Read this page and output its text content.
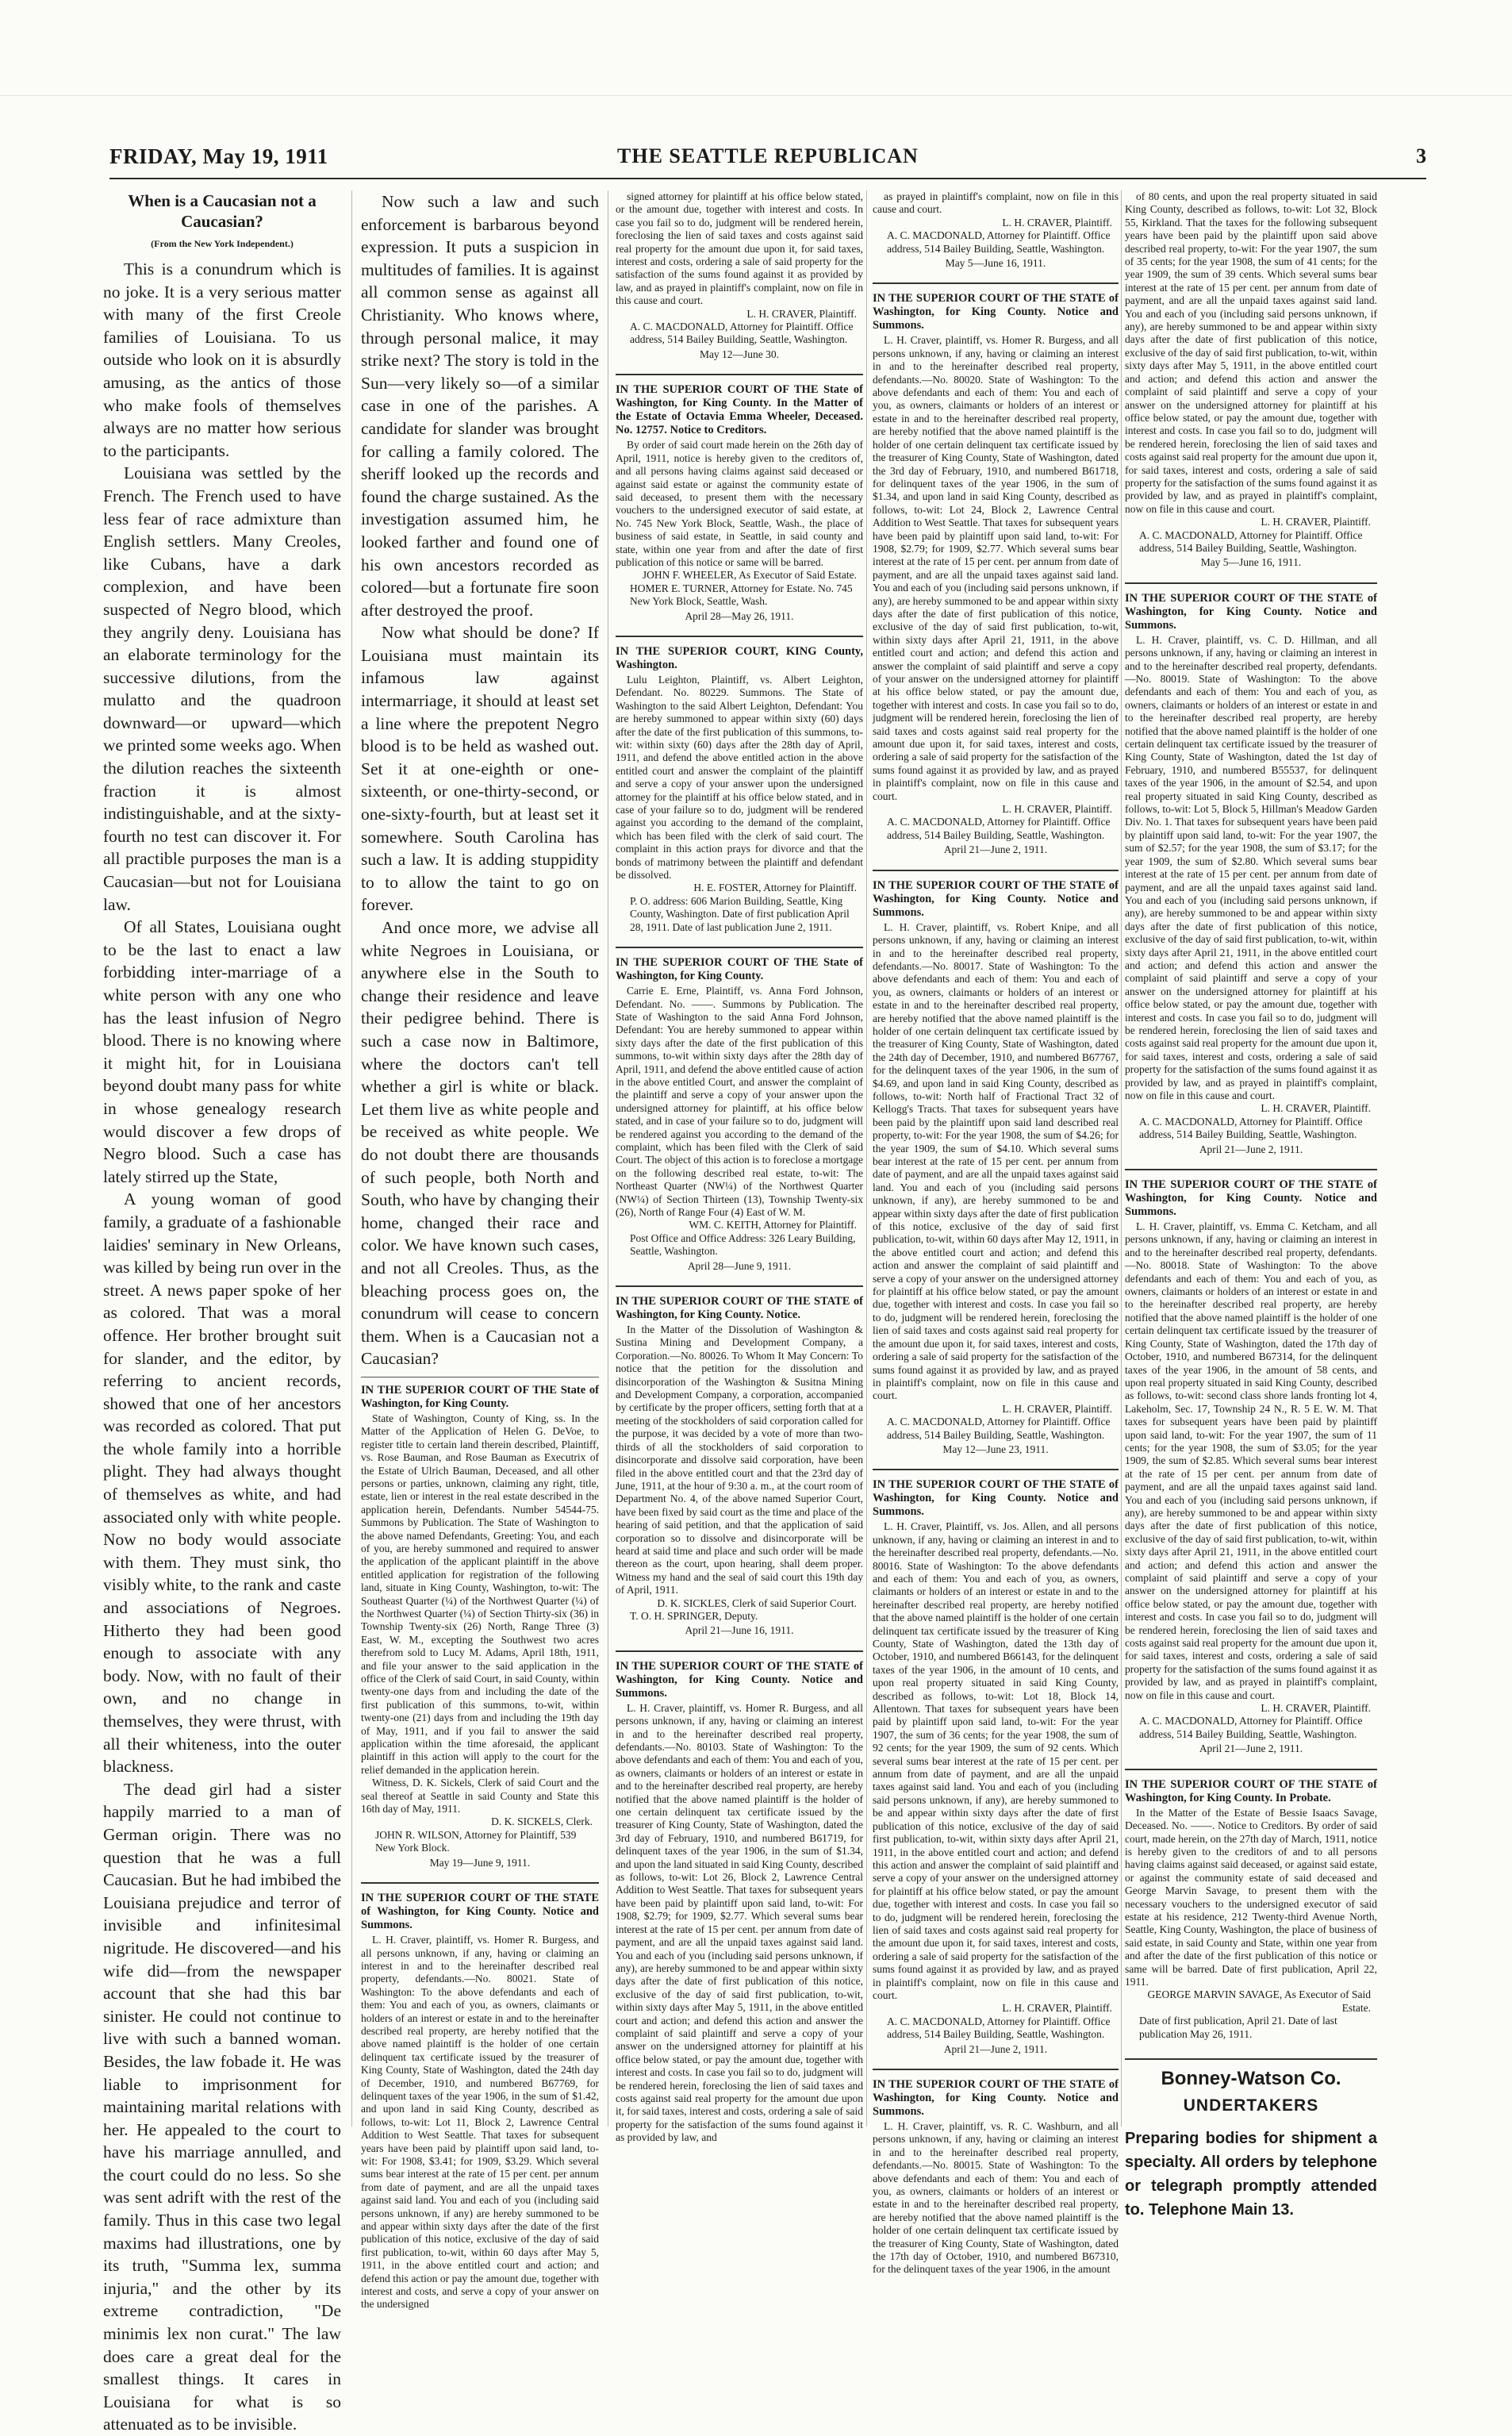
FRIDAY, May 19, 1911	THE SEATTLE REPUBLICAN	3
When is a Caucasian not a Caucasian?
(From the New York Independent.)

This is a conundrum which is no joke. It is a very serious matter with many of the first Creole families of Louisiana. To us outside who look on it is absurdly amusing, as the antics of those who make fools of themselves always are no matter how serious to the participants.

Louisiana was settled by the French. The French used to have less fear of race admixture than English settlers. Many Creoles, like Cubans, have a dark complexion, and have been suspected of Negro blood, which they angrily deny. Louisiana has an elaborate terminology for the successive dilutions, from the mulatto and the quadroon downward—or upward—which we printed some weeks ago. When the dilution reaches the sixteenth fraction it is almost indistinguishable, and at the sixty-fourth no test can discover it. For all practible purposes the man is a Caucasian—but not for Louisiana law.

Of all States, Louisiana ought to be the last to enact a law forbidding inter-marriage of a white person with any one who has the least infusion of Negro blood. There is no knowing where it might hit, for in Louisiana beyond doubt many pass for white in whose genealogy research would discover a few drops of Negro blood. Such a case has lately stirred up the State,

A young woman of good family, a graduate of a fashionable laidies' seminary in New Orleans, was killed by being run over in the street. A news paper spoke of her as colored. That was a moral offence. Her brother brought suit for slander, and the editor, by referring to ancient records, showed that one of her ancestors was recorded as colored. That put the whole family into a horrible plight. They had always thought of themselves as white, and had associated only with white people. Now no body would associate with them. They must sink, tho visibly white, to the rank and caste and associations of Negroes. Hitherto they had been good enough to associate with any body. Now, with no fault of their own, and no change in themselves, they were thrust, with all their whiteness, into the outer blackness.

The dead girl had a sister happily married to a man of German origin. There was no question that he was a full Caucasian. But he had imbibed the Louisiana prejudice and terror of invisible and infinitesimal nigritude. He discovered—and his wife did—from the newspaper account that she had this bar sinister. He could not continue to live with such a banned woman. Besides, the law fobade it. He was liable to imprisonment for maintaining marital relations with her. He appealed to the court to have his marriage annulled, and the court could do no less. So she was sent adrift with the rest of the family. Thus in this case two legal maxims had illustrations, one by its truth, "Summa lex, summa injuria," and the other by its extreme contradiction, "De minimis lex non curat." The law does care a great deal for the smallest things. It cares in Louisiana for what is so attenuated as to be invisible.

Now such a law and such enforcement is barbarous beyond expression. It puts a suspicion in multitudes of families. It is against all common sense as against all Christianity. Who knows where, through personal malice, it may strike next? The story is told in the Sun—very likely so—of a similar case in one of the parishes. A candidate for slander was brought for calling a family colored. The sheriff looked up the records and found the charge sustained. As the investigation assumed him, he looked farther and found one of his own ancestors recorded as colored—but a fortunate fire soon after destroyed the proof.

Now what should be done? If Louisiana must maintain its infamous law against intermarriage, it should at least set a line where the prepotent Negro blood is to be held as washed out. Set it at one-eighth or one-sixteenth, or one-thirty-second, or one-sixty-fourth, but at least set it somewhere. South Carolina has such a law. It is adding stuppidity to to allow the taint to go on forever.

And once more, we advise all white Negroes in Louisiana, or anywhere else in the South to change their residence and leave their pedigree behind. There is such a case now in Baltimore, where the doctors can't tell whether a girl is white or black. Let them live as white people and be received as white people. We do not doubt there are thousands of such people, both North and South, who have by changing their home, changed their race and color. We have known such cases, and not all Creoles. Thus, as the bleaching process goes on, the conundrum will cease to concern them. When is a Caucasian not a Caucasian?

IN THE SUPERIOR COURT OF THE State of Washington, for King County.

State of Washington, County of King, ss. In the Matter of the Application of Helen G. DeVoe, to register title to certain land therein described, Plaintiff, vs. Rose Bauman, and Rose Bauman as Executrix of the Estate of Ulrich Bauman, Deceased, and all other persons or parties, unknown, claiming any right, title, estate, lien or interest in the real estate described in the application herein, Defendants. Number 54544-75. Summons by Publication. The State of Washington to the above named Defendants, Greeting: You, and each of you, are hereby summoned and required to answer the application of the applicant plaintiff in the above entitled application for registration of the following land, situate in King County, Washington, to-wit: The Southeast Quarter (¼) of the Northwest Quarter (¼) of the Northwest Quarter (¼) of Section Thirty-six (36) in Township Twenty-six (26) North, Range Three (3) East, W. M., excepting the Southwest two acres therefrom sold to Lucy M. Adams, April 18th, 1911, and file your answer to the said application in the office of the Clerk of said Court, in said County, within twenty-one days from and including the date of the first publication of this summons, to-wit, within twenty-one (21) days from and including the 19th day of May, 1911, and if you fail to answer the said application within the time aforesaid, the applicant plaintiff in this action will apply to the court for the relief demanded in the application herein.

Witness, D. K. Sickels, Clerk of said Court and the seal thereof at Seattle in said County and State this 16th day of May, 1911.

D. K. SICKELS, Clerk.

JOHN R. WILSON, Attorney for Plaintiff, 539 New York Block.

May 19—June 9, 1911.

IN THE SUPERIOR COURT OF THE STATE of Washington, for King County. Notice and Summons.

L. H. Craver, plaintiff, vs. Homer R. Burgess, and all persons unknown, if any, having or claiming an interest in and to the hereinafter described real property, defendants.—No. 80021. State of Washington: To the above defendants and each of them: You and each of you, as owners, claimants or holders of an interest or estate in and to the hereinafter described real property, are hereby notified that the above named plaintiff is the holder of one certain delinquent tax certificate issued by the treasurer of King County, State of Washington, dated the 24th day of December, 1910, and numbered B67769, for delinquent taxes of the year 1906, in the sum of $1.42, and upon land in said King County, described as follows, to-wit: Lot 11, Block 2, Lawrence Central Addition to West Seattle. That taxes for subsequent years have been paid by plaintiff upon said land, to-wit: For 1908, $3.41; for 1909, $3.29. Which several sums bear interest at the rate of 15 per cent. per annum from date of payment, and are all the unpaid taxes against said land. You and each of you (including said persons unknown, if any) are hereby summoned to be and appear within sixty days after the date of the first publication of this notice, exclusive of the day of said first publication, to-wit, within 60 days after May 5, 1911, in the above entitled court and action; and defend this action or pay the amount due, together with interest and costs, and serve a copy of your answer on the undersigned

signed attorney for plaintiff at his office below stated, or the amount due, together with interest and costs. In case you fail so to do, judgment will be rendered herein, foreclosing the lien of said taxes and costs against said real property for the amount due upon it, for said taxes, interest and costs, ordering a sale of said property for the satisfaction of the sums found against it as provided by law, and as prayed in plaintiff's complaint, now on file in this cause and court.

L. H. CRAVER, Plaintiff.

A. C. MACDONALD, Attorney for Plaintiff. Office address, 514 Bailey Building, Seattle, Washington.

May 12—June 30.

IN THE SUPERIOR COURT OF THE State of Washington, for King County. In the Matter of the Estate of Octavia Emma Wheeler, Deceased. No. 12757. Notice to Creditors.

By order of said court made herein on the 26th day of April, 1911, notice is hereby given to the creditors of, and all persons having claims against said deceased or against said estate or against the community estate of said deceased, to present them with the necessary vouchers to the undersigned executor of said estate, at No. 745 New York Block, Seattle, Wash., the place of business of said estate, in Seattle, in said county and state, within one year from and after the date of first publication of this notice or same will be barred.

JOHN F. WHEELER, As Executor of Said Estate.

HOMER E. TURNER, Attorney for Estate. No. 745 New York Block, Seattle, Wash.

April 28—May 26, 1911.

IN THE SUPERIOR COURT, KING County, Washington.

Lulu Leighton, Plaintiff, vs. Albert Leighton, Defendant. No. 80229. Summons. The State of Washington to the said Albert Leighton, Defendant: You are hereby summoned to appear within sixty (60) days after the date of the first publication of this summons, to-wit: within sixty (60) days after the 28th day of April, 1911, and defend the above entitled action in the above entitled court and answer the complaint of the plaintiff and serve a copy of your answer upon the undersigned attorney for the plaintiff at his office below stated, and in case of your failure so to do, judgment will be rendered against you according to the demand of the complaint, which has been filed with the clerk of said court. The complaint in this action prays for divorce and that the bonds of matrimony between the plaintiff and defendant be dissolved.

H. E. FOSTER, Attorney for Plaintiff.

P. O. address: 606 Marion Building, Seattle, King County, Washington. Date of first publication April 28, 1911. Date of last publication June 2, 1911.

IN THE SUPERIOR COURT OF THE State of Washington, for King County.

Carrie E. Erne, Plaintiff, vs. Anna Ford Johnson, Defendant. No. ——. Summons by Publication. The State of Washington to the said Anna Ford Johnson, Defendant: You are hereby summoned to appear within sixty days after the date of the first publication of this summons, to-wit within sixty days after the 28th day of April, 1911, and defend the above entitled cause of action in the above entitled Court, and answer the complaint of the plaintiff and serve a copy of your answer upon the undersigned attorney for plaintiff, at his office below stated, and in case of your failure so to do, judgment will be rendered against you according to the demand of the complaint, which has been filed with the Clerk of said Court. The object of this action is to foreclose a mortgage on the following described real estate, to-wit: The Northeast Quarter (NW¼) of the Northwest Quarter (NW¼) of Section Thirteen (13), Township Twenty-six (26), North of Range Four (4) East of W. M.

WM. C. KEITH, Attorney for Plaintiff.

Post Office and Office Address: 326 Leary Building, Seattle, Washington.

April 28—June 9, 1911.

IN THE SUPERIOR COURT OF THE STATE of Washington, for King County. Notice.

In the Matter of the Dissolution of Washington & Sustina Mining and Development Company, a Corporation.—No. 80026. To Whom It May Concern: To notice that the petition for the dissolution and disincorporation of the Washington & Susitna Mining and Development Company, a corporation, accompanied by certificate by the proper officers, setting forth that at a meeting of the stockholders of said corporation called for the purpose, it was decided by a vote of more than two-thirds of all the stockholders of said corporation to disincorporate and dissolve said corporation, have been filed in the above entitled court and that the 23rd day of June, 1911, at the hour of 9:30 a. m., at the court room of Department No. 4, of the above named Superior Court, have been fixed by said court as the time and place of the hearing of said petition, and that the application of said corporation so to dissolve and disincorporate will be heard at said time and place and such order will be made thereon as the court, upon hearing, shall deem proper. Witness my hand and the seal of said court this 19th day of April, 1911.

D. K. SICKLES, Clerk of said Superior Court.

T. O. H. SPRINGER, Deputy.

April 21—June 16, 1911.

IN THE SUPERIOR COURT OF THE STATE of Washington, for King County. Notice and Summons.

L. H. Craver, plaintiff, vs. Homer R. Burgess, and all persons unknown, if any, having or claiming an interest in and to the hereinafter described real property, defendants.—No. 80103. State of Washington: To the above defendants and each of them: You and each of you, as owners, claimants or holders of an interest or estate in and to the hereinafter described real property, are hereby notified that the above named plaintiff is the holder of one certain delinquent tax certificate issued by the treasurer of King County, State of Washington, dated the 3rd day of February, 1910, and numbered B61719, for delinquent taxes of the year 1906, in the sum of $1.34, and upon the land situated in said King County, described as follows, to-wit: Lot 26, Block 2, Lawrence Central Addition to West Seattle. That taxes for subsequent years have been paid by plaintiff upon said land, to-wit: For 1908, $2.79; for 1909, $2.77. Which several sums bear interest at the rate of 15 per cent. per annum from date of payment, and are all the unpaid taxes against said land. You and each of you (including said persons unknown, if any), are hereby summoned to be and appear within sixty days after the date of first publication of this notice, exclusive of the day of said first publication, to-wit, within sixty days after May 5, 1911, in the above entitled court and action; and defend this action and answer the complaint of said plaintiff and serve a copy of your answer on the undersigned attorney for plaintiff at his office below stated, or pay the amount due, together with interest and costs. In case you fail so to do, judgment will be rendered herein, foreclosing the lien of said taxes and costs against said real property for the amount due upon it, for said taxes, interest and costs, ordering a sale of said property for the satisfaction of the sums found against it as provided by law, and

as prayed in plaintiff's complaint, now on file in this cause and court.

L. H. CRAVER, Plaintiff.

A. C. MACDONALD, Attorney for Plaintiff. Office address, 514 Bailey Building, Seattle, Washington.

May 5—June 16, 1911.

IN THE SUPERIOR COURT OF THE STATE of Washington, for King County. Notice and Summons.

L. H. Craver, plaintiff, vs. Homer R. Burgess, and all persons unknown, if any, having or claiming an interest in and to the hereinafter described real property, defendants.—No. 80020. State of Washington: To the above defendants and each of them: You and each of you, as owners, claimants or holders of an interest or estate in and to the hereinafter described real property, are hereby notified that the above named plaintiff is the holder of one certain delinquent tax certificate issued by the treasurer of King County, State of Washington, dated the 3rd day of February, 1910, and numbered B61718, for delinquent taxes of the year 1906, in the sum of $1.34, and upon land in said King County, described as follows, to-wit: Lot 24, Block 2, Lawrence Central Addition to West Seattle. That taxes for subsequent years have been paid by plaintiff upon said land, to-wit: For 1908, $2.79; for 1909, $2.77. Which several sums bear interest at the rate of 15 per cent. per annum from date of payment, and are all the unpaid taxes against said land. You and each of you (including said persons unknown, if any), are hereby summoned to be and appear within sixty days after the date of first publication of this notice, exclusive of the day of said first publication, to-wit, within sixty days after April 21, 1911, in the above entitled court and action; and defend this action and answer the complaint of said plaintiff and serve a copy of your answer on the undersigned attorney for plaintiff at his office below stated, or pay the amount due, together with interest and costs. In case you fail so to do, judgment will be rendered herein, foreclosing the lien of said taxes and costs against said real property for the amount due upon it, for said taxes, interest and costs, ordering a sale of said property for the satisfaction of the sums found against it as provided by law, and as prayed in plaintiff's complaint, now on file in this cause and court.

L. H. CRAVER, Plaintiff.

A. C. MACDONALD, Attorney for Plaintiff. Office address, 514 Bailey Building, Seattle, Washington.

April 21—June 2, 1911.

IN THE SUPERIOR COURT OF THE STATE of Washington, for King County. Notice and Summons.

L. H. Craver, plaintiff, vs. Robert Knipe, and all persons unknown, if any, having or claiming an interest in and to the hereinafter described real property, defendants.—No. 80017. State of Washington: To the above defendants and each of them: You and each of you, as owners, claimants or holders of an interest or estate in and to the hereinafter described real property, are hereby notified that the above named plaintiff is the holder of one certain delinquent tax certificate issued by the treasurer of King County, State of Washington, dated the 24th day of December, 1910, and numbered B67767, for the delinquent taxes of the year 1906, in the sum of $4.69, and upon land in said King County, described as follows, to-wit: North half of Fractional Tract 32 of Kellogg's Tracts. That taxes for subsequent years have been paid by the plaintiff upon said land described real property, to-wit: For the year 1908, the sum of $4.26; for the year 1909, the sum of $4.10. Which several sums bear interest at the rate of 15 per cent. per annum from date of payment, and are all the unpaid taxes against said land. You and each of you (including said persons unknown, if any), are hereby summoned to be and appear within sixty days after the date of first publication of this notice, exclusive of the day of said first publication, to-wit, within 60 days after May 12, 1911, in the above entitled court and action; and defend this action and answer the complaint of said plaintiff and serve a copy of your answer on the undersigned attorney for plaintiff at his office below stated, or pay the amount due, together with interest and costs. In case you fail so to do, judgment will be rendered herein, foreclosing the lien of said taxes and costs against said real property for the amount due upon it, for said taxes, interest and costs, ordering a sale of said property for the satisfaction of the sums found against it as provided by law, and as prayed in plaintiff's complaint, now on file in this cause and court.

L. H. CRAVER, Plaintiff.

A. C. MACDONALD, Attorney for Plaintiff. Office address, 514 Bailey Building, Seattle, Washington.

May 12—June 23, 1911.

IN THE SUPERIOR COURT OF THE STATE of Washington, for King County. Notice and Summons.

L. H. Craver, Plaintiff, vs. Jos. Allen, and all persons unknown, if any, having or claiming an interest in and to the hereinafter described real property, defendants.—No. 80016. State of Washington: To the above defendants and each of them: You and each of you, as owners, claimants or holders of an interest or estate in and to the hereinafter described real property, are hereby notified that the above named plaintiff is the holder of one certain delinquent tax certificate issued by the treasurer of King County, State of Washington, dated the 13th day of October, 1910, and numbered B66143, for the delinquent taxes of the year 1906, in the amount of 10 cents, and upon real property situated in said King County, described as follows, to-wit: Lot 18, Block 14, Allentown. That taxes for subsequent years have been paid by plaintiff upon said land, to-wit: For the year 1907, the sum of 36 cents; for the year 1908, the sum of 92 cents; for the year 1909, the sum of 92 cents. Which several sums bear interest at the rate of 15 per cent. per annum from date of payment, and are all the unpaid taxes against said land. You and each of you (including said persons unknown, if any), are hereby summoned to be and appear within sixty days after the date of first publication of this notice, exclusive of the day of said first publication, to-wit, within sixty days after April 21, 1911, in the above entitled court and action; and defend this action and answer the complaint of said plaintiff and serve a copy of your answer on the undersigned attorney for plaintiff at his office below stated, or pay the amount due, together with interest and costs. In case you fail so to do, judgment will be rendered herein, foreclosing the lien of said taxes and costs against said real property for the amount due upon it, for said taxes, interest and costs, ordering a sale of said property for the satisfaction of the sums found against it as provided by law, and as prayed in plaintiff's complaint, now on file in this cause and court.

L. H. CRAVER, Plaintiff.

A. C. MACDONALD, Attorney for Plaintiff. Office address, 514 Bailey Building, Seattle, Washington.

April 21—June 2, 1911.

IN THE SUPERIOR COURT OF THE STATE of Washington, for King County. Notice and Summons.

L. H. Craver, plaintiff, vs. R. C. Washburn, and all persons unknown, if any, having or claiming an interest in and to the hereinafter described real property, defendants.—No. 80015. State of Washington: To the above defendants and each of them: You and each of you, as owners, claimants or holders of an interest or estate in and to the hereinafter described real property, are hereby notified that the above named plaintiff is the holder of one certain delinquent tax certificate issued by the treasurer of King County, State of Washington, dated the 17th day of October, 1910, and numbered B67310, for the delinquent taxes of the year 1906, in the amount

of 80 cents, and upon the real property situated in said King County, described as follows, to-wit: Lot 32, Block 55, Kirkland. That the taxes for the following subsequent years have been paid by the plaintiff upon said above described real property, to-wit: For the year 1907, the sum of 35 cents; for the year 1908, the sum of 41 cents; for the year 1909, the sum of 39 cents. Which several sums bear interest at the rate of 15 per cent. per annum from date of payment, and are all the unpaid taxes against said land. You and each of you (including said persons unknown, if any), are hereby summoned to be and appear within sixty days after the date of first publication of this notice, exclusive of the day of said first publication, to-wit, within sixty days after May 5, 1911, in the above entitled court and action; and defend this action and answer the complaint of said plaintiff and serve a copy of your answer on the undersigned attorney for plaintiff at his office below stated, or pay the amount due, together with interest and costs. In case you fail so to do, judgment will be rendered herein, foreclosing the lien of said taxes and costs against said real property for the amount due upon it, for said taxes, interest and costs, ordering a sale of said property for the satisfaction of the sums found against it as provided by law, and as prayed in plaintiff's complaint, now on file in this cause and court.

L. H. CRAVER, Plaintiff.

A. C. MACDONALD, Attorney for Plaintiff. Office address, 514 Bailey Building, Seattle, Washington.

May 5—June 16, 1911.

IN THE SUPERIOR COURT OF THE STATE of Washington, for King County. Notice and Summons.

L. H. Craver, plaintiff, vs. C. D. Hillman, and all persons unknown, if any, having or claiming an interest in and to the hereinafter described real property, defendants.—No. 80019. State of Washington: To the above defendants and each of them: You and each of you, as owners, claimants or holders of an interest or estate in and to the hereinafter described real property, are hereby notified that the above named plaintiff is the holder of one certain delinquent tax certificate issued by the treasurer of King County, State of Washington, dated the 1st day of February, 1910, and numbered B55537, for delinquent taxes of the year 1906, in the amount of $2.54, and upon real property situated in said King County, described as follows, to-wit: Lot 5, Block 5, Hillman's Meadow Garden Div. No. 1. That taxes for subsequent years have been paid by plaintiff upon said land, to-wit: For the year 1907, the sum of $2.57; for the year 1908, the sum of $3.17; for the year 1909, the sum of $2.80. Which several sums bear interest at the rate of 15 per cent. per annum from date of payment, and are all the unpaid taxes against said land. You and each of you (including said persons unknown, if any), are hereby summoned to be and appear within sixty days after the date of first publication of this notice, exclusive of the day of said first publication, to-wit, within sixty days after April 21, 1911, in the above entitled court and action; and defend this action and answer the complaint of said plaintiff and serve a copy of your answer on the undersigned attorney for plaintiff at his office below stated, or pay the amount due, together with interest and costs. In case you fail so to do, judgment will be rendered herein, foreclosing the lien of said taxes and costs against said real property for the amount due upon it, for said taxes, interest and costs, ordering a sale of said property for the satisfaction of the sums found against it as provided by law, and as prayed in plaintiff's complaint, now on file in this cause and court.

L. H. CRAVER, Plaintiff.

A. C. MACDONALD, Attorney for Plaintiff. Office address, 514 Bailey Building, Seattle, Washington.

April 21—June 2, 1911.

IN THE SUPERIOR COURT OF THE STATE of Washington, for King County. Notice and Summons.

L. H. Craver, plaintiff, vs. Emma C. Ketcham, and all persons unknown, if any, having or claiming an interest in and to the hereinafter described real property, defendants.—No. 80018. State of Washington: To the above defendants and each of them: You and each of you, as owners, claimants or holders of an interest or estate in and to the hereinafter described real property, are hereby notified that the above named plaintiff is the holder of one certain delinquent tax certificate issued by the treasurer of King County, State of Washington, dated the 17th day of October, 1910, and numbered B67314, for the delinquent taxes of the year 1906, in the amount of 58 cents, and upon real property situated in said King County, described as follows, to-wit: second class shore lands fronting lot 4, Lakeholm, Sec. 17, Township 24 N., R. 5 E. W. M. That taxes for subsequent years have been paid by plaintiff upon said land, to-wit: For the year 1907, the sum of 11 cents; for the year 1908, the sum of $3.05; for the year 1909, the sum of $2.85. Which several sums bear interest at the rate of 15 per cent. per annum from date of payment, and are all the unpaid taxes against said land. You and each of you (including said persons unknown, if any), are hereby summoned to be and appear within sixty days after the date of first publication of this notice, exclusive of the day of said first publication, to-wit, within sixty days after April 21, 1911, in the above entitled court and action; and defend this action and answer the complaint of said plaintiff and serve a copy of your answer on the undersigned attorney for plaintiff at his office below stated, or pay the amount due, together with interest and costs. In case you fail so to do, judgment will be rendered herein, foreclosing the lien of said taxes and costs against said real property for the amount due upon it, for said taxes, interest and costs, ordering a sale of said property for the satisfaction of the sums found against it as provided by law, and as prayed in plaintiff's complaint, now on file in this cause and court.

L. H. CRAVER, Plaintiff.

A. C. MACDONALD, Attorney for Plaintiff. Office address, 514 Bailey Building, Seattle, Washington.

April 21—June 2, 1911.

IN THE SUPERIOR COURT OF THE STATE of Washington, for King County. In Probate.

In the Matter of the Estate of Bessie Isaacs Savage, Deceased. No. ——. Notice to Creditors. By order of said court, made herein, on the 27th day of March, 1911, notice is hereby given to the creditors of and to all persons having claims against said deceased, or against said estate, or against the community estate of said deceased and George Marvin Savage, to present them with the necessary vouchers to the undersigned executor of said estate at his residence, 212 Twenty-third Avenue North, Seattle, King County, Washington, the place of business of said estate, in said County and State, within one year from and after the date of the first publication of this notice or same will be barred. Date of first publication, April 22, 1911.

GEORGE MARVIN SAVAGE, As Executor of Said Estate.

Date of first publication, April 21. Date of last publication May 26, 1911.

Bonney-Watson Co.
UNDERTAKERS
Preparing bodies for shipment a specialty. All orders by telephone or telegraph promptly attended to. Telephone Main 13.
